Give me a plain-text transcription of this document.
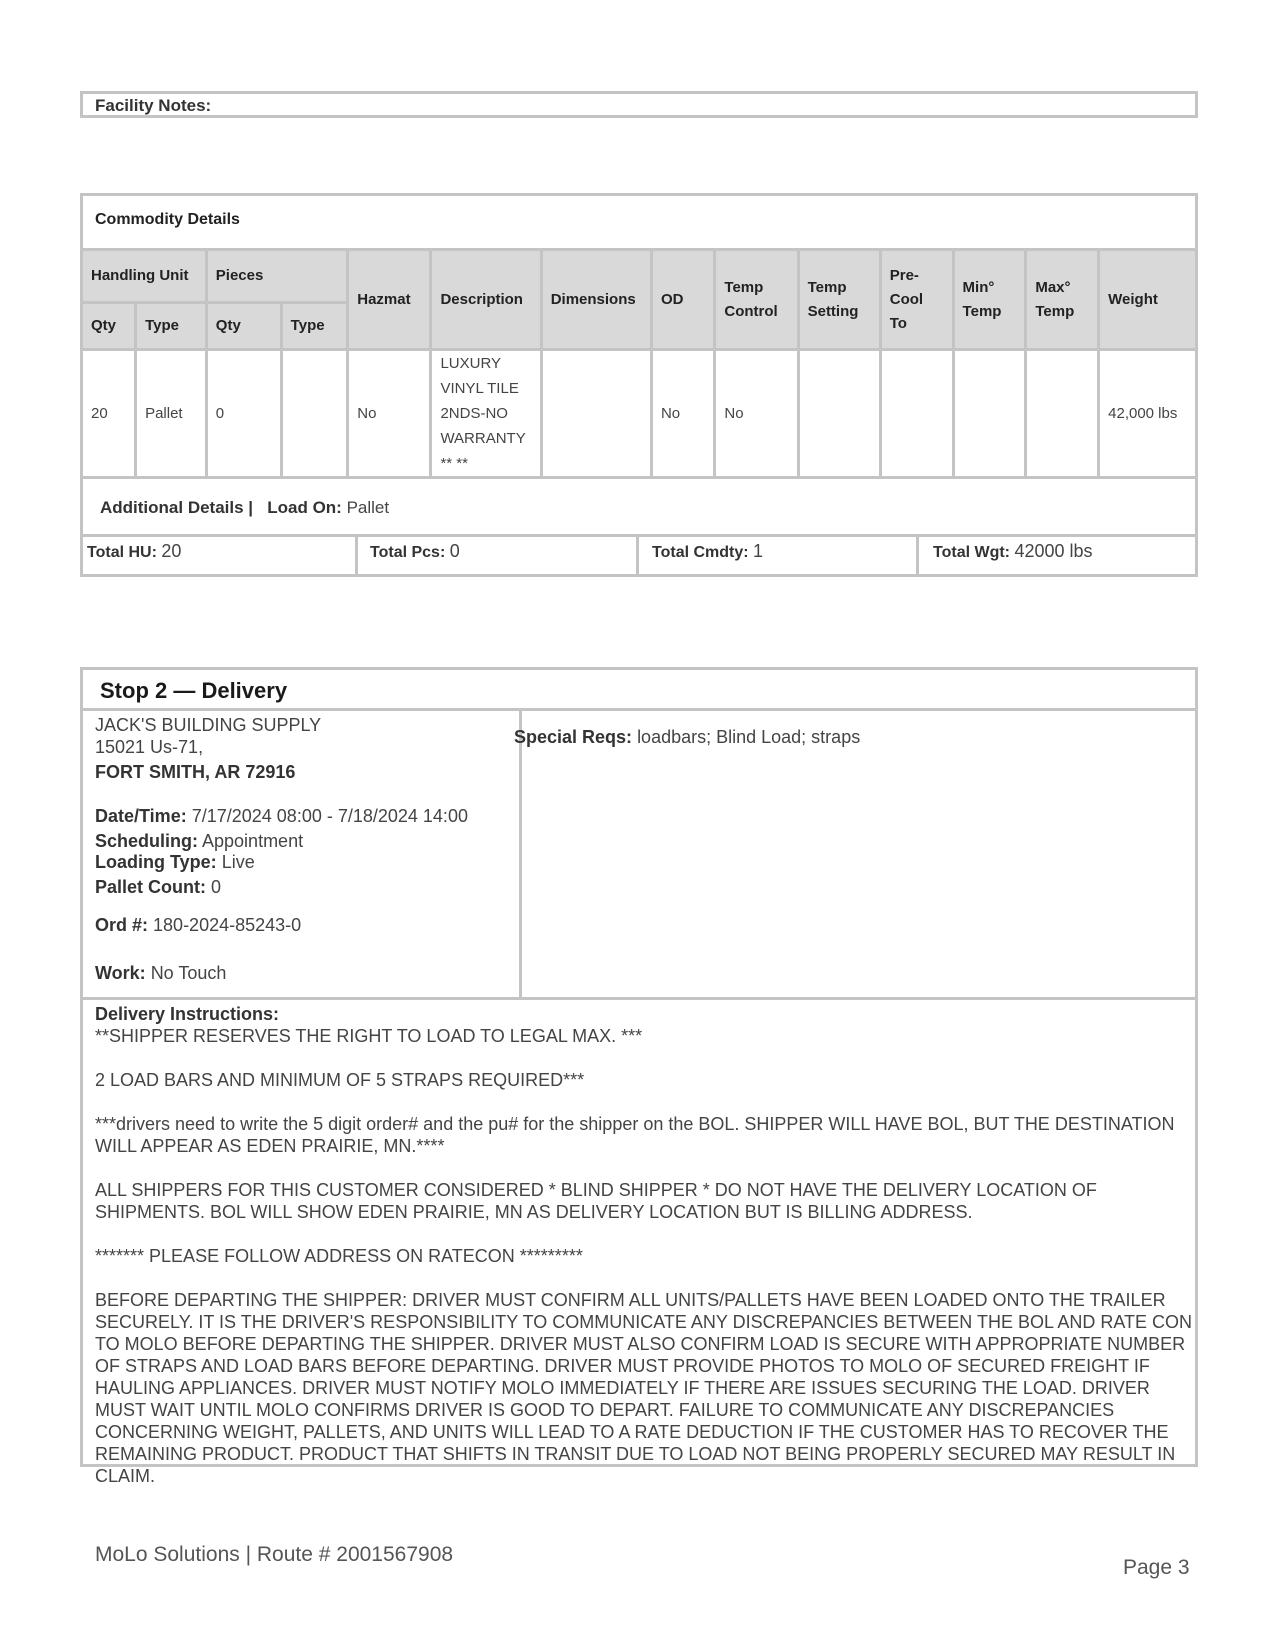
Facility Notes:
Commodity Details
Handling Unit		Pieces		Hazmat	Description	Dimensions	OD	Temp Control	Temp Setting	Pre-Cool To	Min° Temp	Max° Temp	Weight
Qty	Type	Qty	Type										
20	Pallet	0		No	LUXURY VINYL TILE 2NDS-NO WARRANTY ** **		No	No					42,000 lbs
Additional Details | Load On: Pallet
Total HU: 20	Total Pcs: 0	Total Cmdty: 1	Total Wgt: 42000 lbs
Stop 2 — Delivery
JACK'S BUILDING SUPPLY
15021 Us-71,
FORT SMITH, AR 72916
Date/Time: 7/17/2024 08:00 - 7/18/2024 14:00
Scheduling: Appointment
Loading Type: Live
Pallet Count: 0
Ord #: 180-2024-85243-0
Work: No Touch
Special Reqs: loadbars; Blind Load; straps
Delivery Instructions:

**SHIPPER RESERVES THE RIGHT TO LOAD TO LEGAL MAX. ***

2 LOAD BARS AND MINIMUM OF 5 STRAPS REQUIRED***

***drivers need to write the 5 digit order# and the pu# for the shipper on the BOL. SHIPPER WILL HAVE BOL, BUT THE DESTINATION WILL APPEAR AS EDEN PRAIRIE, MN.****

ALL SHIPPERS FOR THIS CUSTOMER CONSIDERED * BLIND SHIPPER * DO NOT HAVE THE DELIVERY LOCATION OF SHIPMENTS. BOL WILL SHOW EDEN PRAIRIE, MN AS DELIVERY LOCATION BUT IS BILLING ADDRESS.

******* PLEASE FOLLOW ADDRESS ON RATECON *********

BEFORE DEPARTING THE SHIPPER: DRIVER MUST CONFIRM ALL UNITS/PALLETS HAVE BEEN LOADED ONTO THE TRAILER SECURELY. IT IS THE DRIVER'S RESPONSIBILITY TO COMMUNICATE ANY DISCREPANCIES BETWEEN THE BOL AND RATE CON TO MOLO BEFORE DEPARTING THE SHIPPER. DRIVER MUST ALSO CONFIRM LOAD IS SECURE WITH APPROPRIATE NUMBER OF STRAPS AND LOAD BARS BEFORE DEPARTING. DRIVER MUST PROVIDE PHOTOS TO MOLO OF SECURED FREIGHT IF HAULING APPLIANCES. DRIVER MUST NOTIFY MOLO IMMEDIATELY IF THERE ARE ISSUES SECURING THE LOAD. DRIVER MUST WAIT UNTIL MOLO CONFIRMS DRIVER IS GOOD TO DEPART. FAILURE TO COMMUNICATE ANY DISCREPANCIES CONCERNING WEIGHT, PALLETS, AND UNITS WILL LEAD TO A RATE DEDUCTION IF THE CUSTOMER HAS TO RECOVER THE REMAINING PRODUCT. PRODUCT THAT SHIFTS IN TRANSIT DUE TO LOAD NOT BEING PROPERLY SECURED MAY RESULT IN CLAIM.

MoLo Solutions | Route # 2001567908
Page 3
